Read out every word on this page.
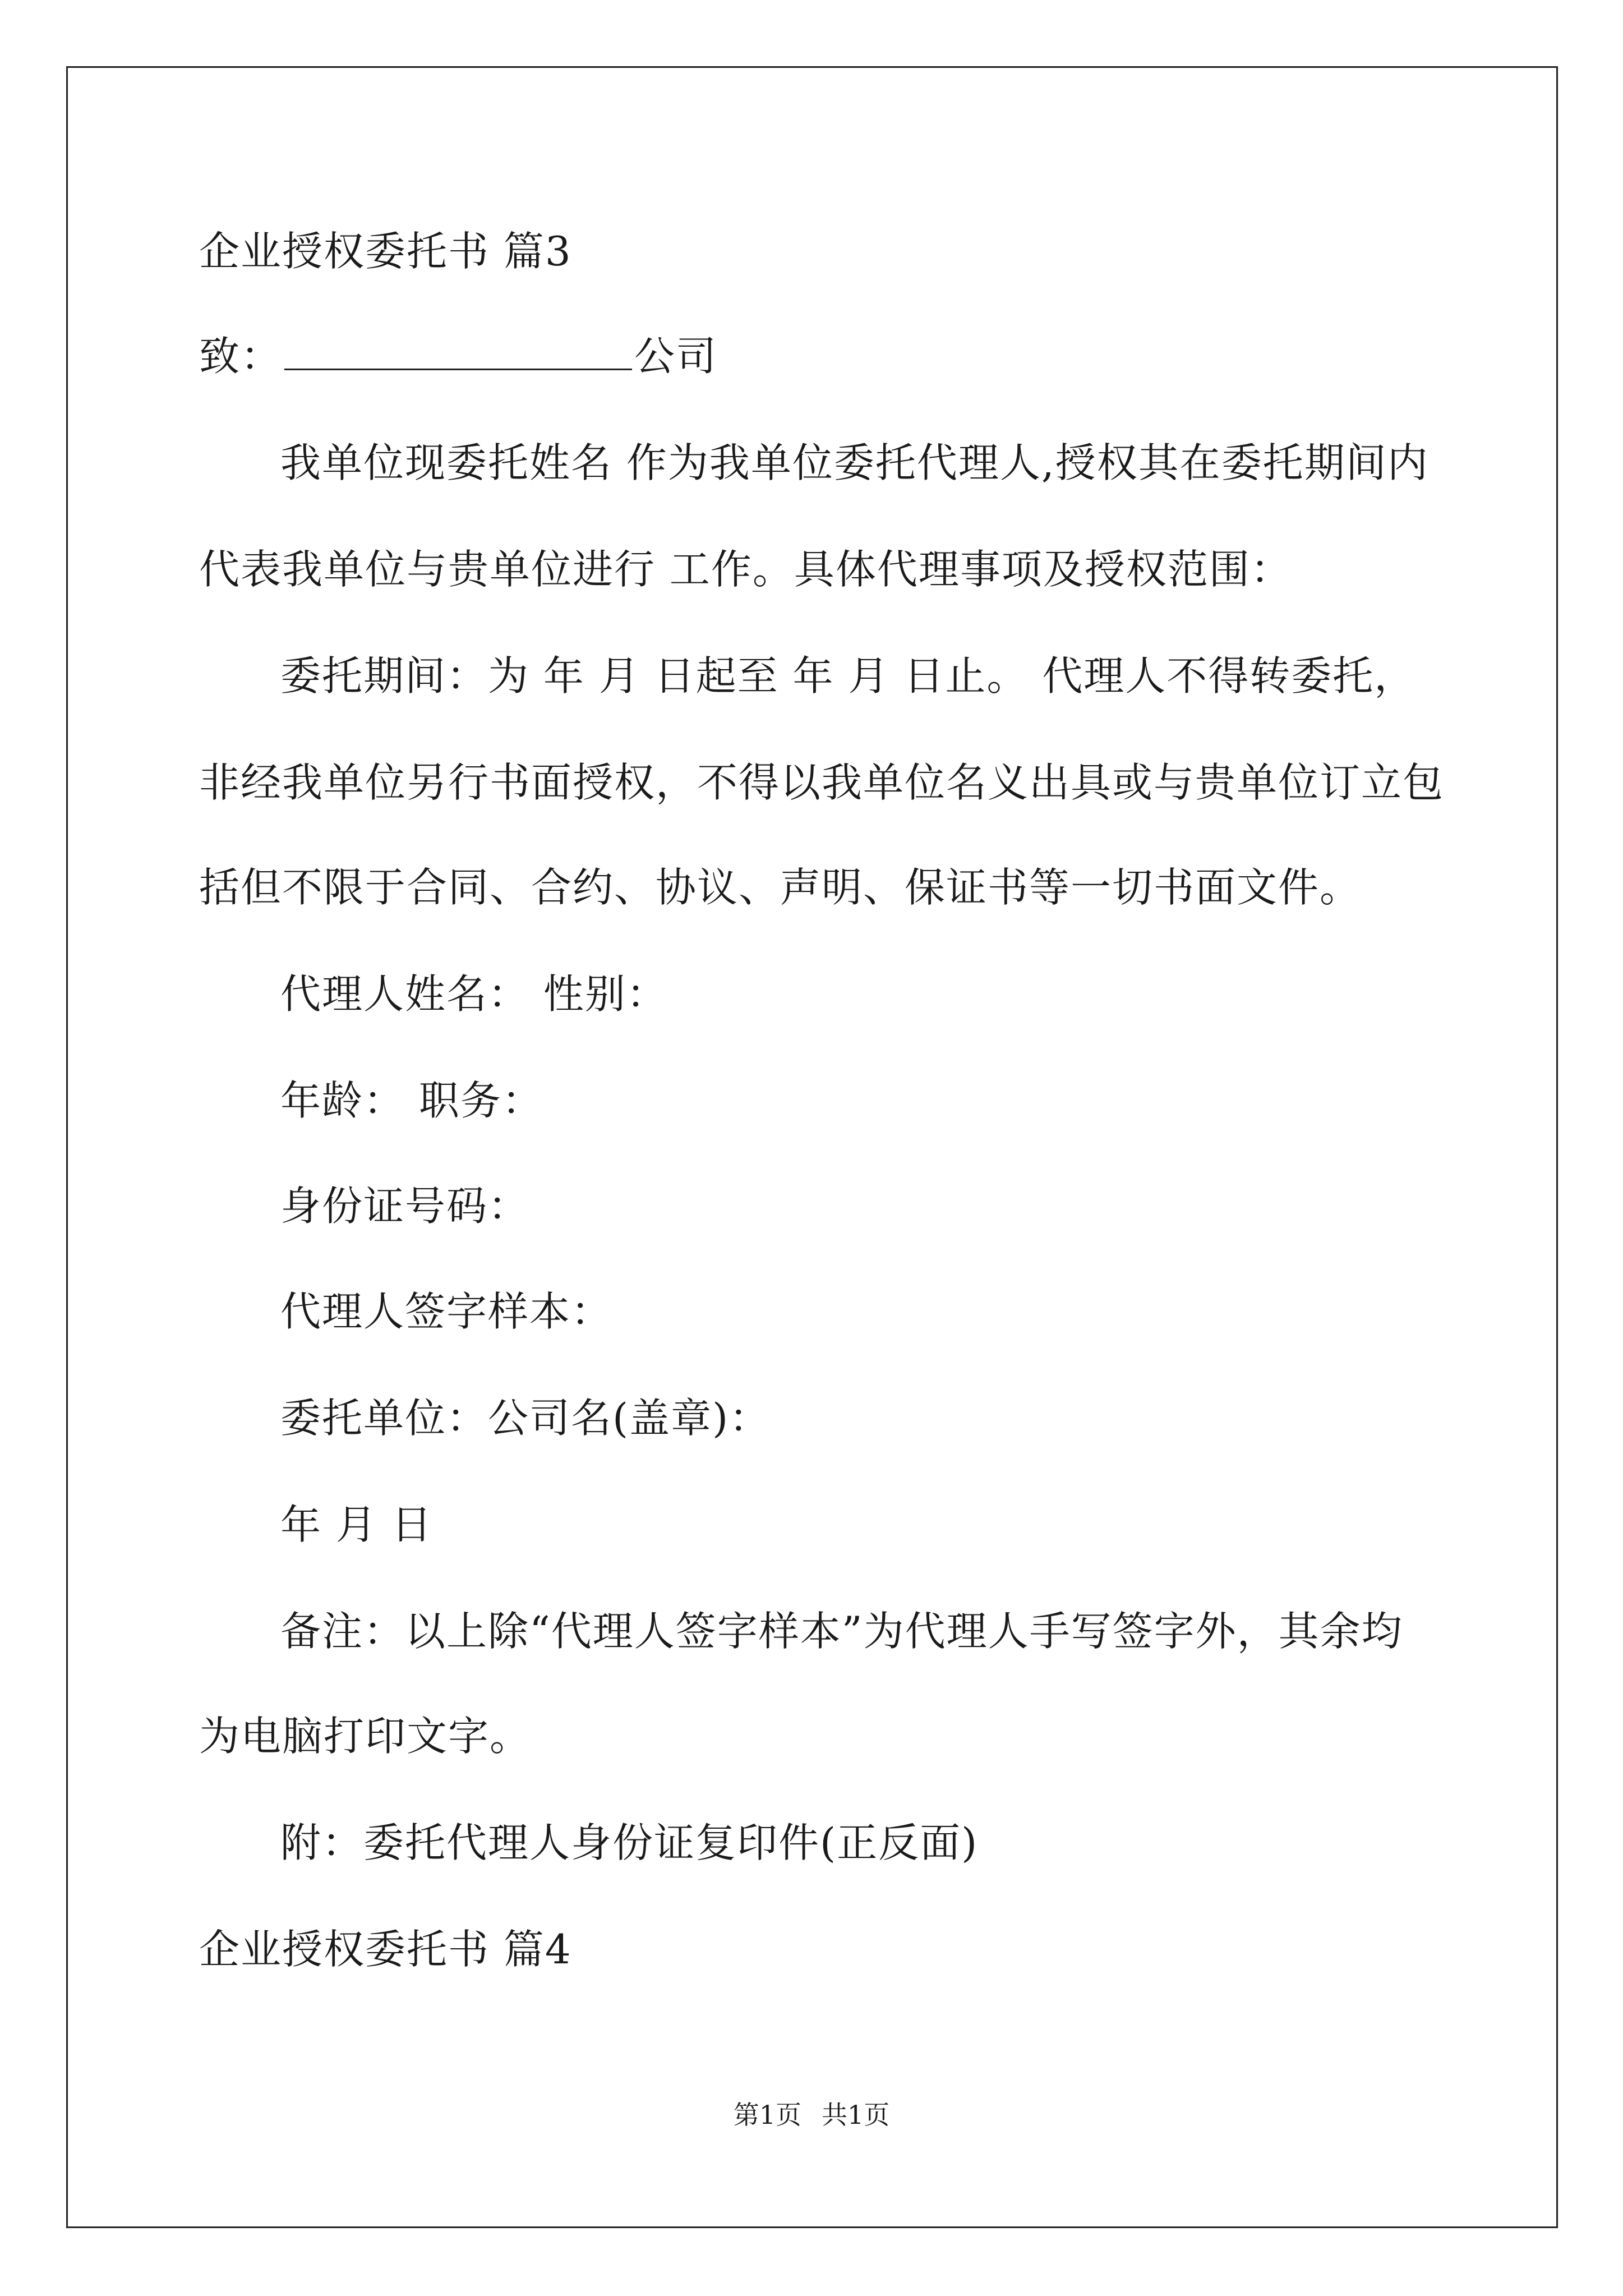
企业授权委托书 篇3
致：	公司
我单位现委托姓名 作为我单位委托代理人,授权其在委托期间内
代表我单位与贵单位进行 工作。具体代理事项及授权范围：
委托期间：为 年 月 日起至 年 月 日止。 代理人不得转委托，
非经我单位另行书面授权，不得以我单位名义出具或与贵单位订立包
括但不限于合同、合约、协议、声明、保证书等一切书面文件。
代理人姓名： 性别：
年龄： 职务：
身份证号码：
代理人签字样本：
委托单位：公司名(盖章)：
年 月 日
备注：以上除“代理人签字样本”为代理人手写签字外，其余均
为电脑打印文字。
附：委托代理人身份证复印件(正反面)
企业授权委托书 篇4
第1页 共1页
